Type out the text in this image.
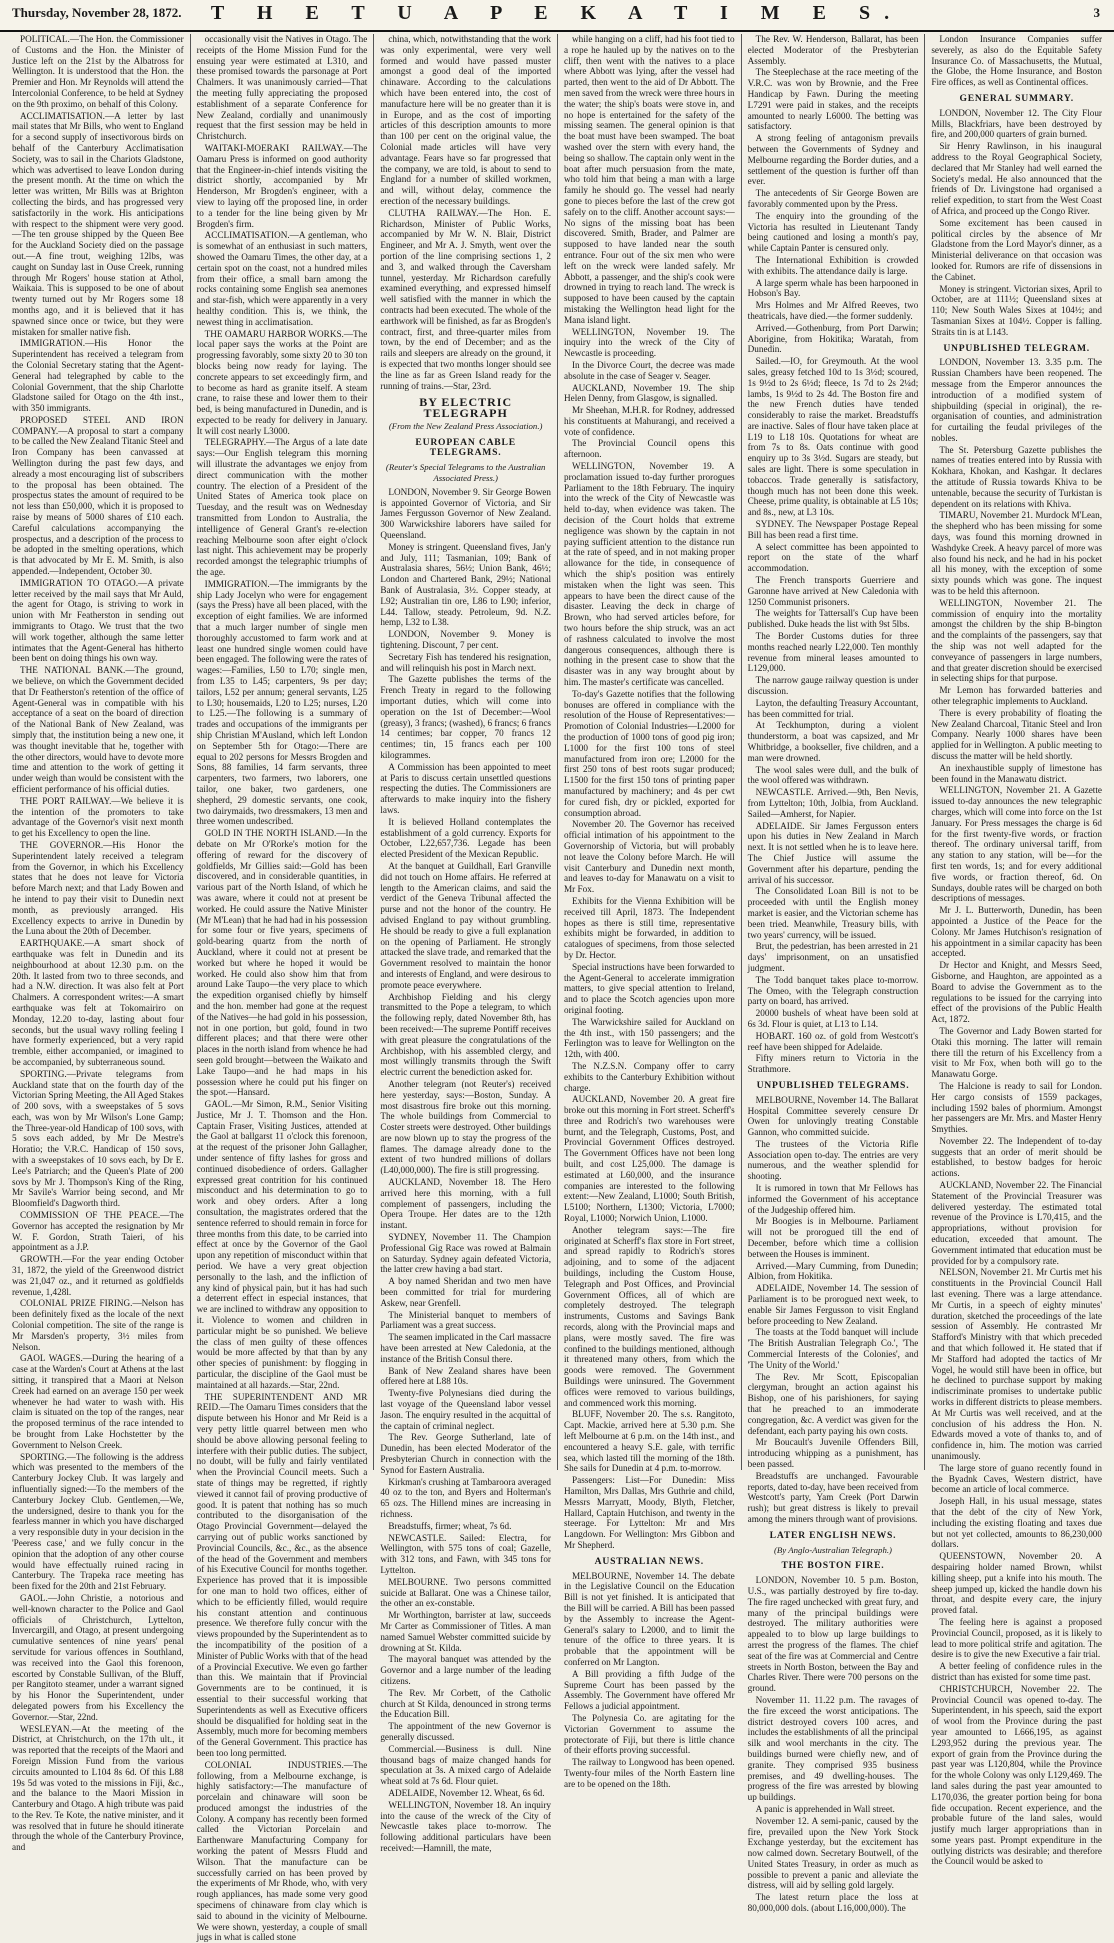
Thursday, November 28, 1872.	T H E T U A P E K A T I M E S.	3

POLITICAL.—The Hon. the Commissioner of Customs and the Hon. the Minister of Justice left on the 21st by the Albatross for Wellington. It is understood that the Hon. the Premier and Hon. Mr Reynolds will attend the Intercolonial Conference, to be held at Sydney on the 9th proximo, on behalf of this Colony.

ACCLIMATISATION.—A letter by last mail states that Mr Bills, who went to England for a second supply of insectivorous birds on behalf of the Canterbury Acclimatisation Society, was to sail in the Chariots Gladstone, which was advertised to leave London during the present month. At the time on which the letter was written, Mr Bills was at Brighton collecting the birds, and has progressed very satisfactorily in the work. His anticipations with respect to the shipment were very good.—The ten grouse shipped by the Queen Bee for the Auckland Society died on the passage out.—A fine trout, weighing 12lbs, was caught on Sunday last in Ouse Creek, running through Mr Rogers' house station at Athol, Waikaia. This is supposed to be one of about twenty turned out by Mr Rogers some 18 months ago, and it is believed that it has spawned since once or twice, but they were mistaken for smaller native fish.

IMMIGRATION.—His Honor the Superintendent has received a telegram from the Colonial Secretary stating that the Agent-General had telegraphed by cable to the Colonial Government, that the ship Charlotte Gladstone sailed for Otago on the 4th inst., with 350 immigrants.

PROPOSED STEEL AND IRON COMPANY.—A proposal to start a company to be called the New Zealand Titanic Steel and Iron Company has been canvassed at Wellington during the past few days, and already a most encouraging list of subscribers to the proposal has been obtained. The prospectus states the amount of required to be not less than £50,000, which it is proposed to raise by means of 5000 shares of £10 each. Careful calculations accompanying the prospectus, and a description of the process to be adopted in the smelting operations, which is that advocated by Mr E. M. Smith, is also appended.—Independent, October 30.

IMMIGRATION TO OTAGO.—A private letter received by the mail says that Mr Auld, the agent for Otago, is striving to work in union with Mr Featherston in sending out immigrants to Otago. We trust that the two will work together, although the same letter intimates that the Agent-General has hitherto been bent on doing things his own way.

THE NATIONAL BANK.—The ground, we believe, on which the Government decided that Dr Featherston's retention of the office of Agent-General was in compatible with his acceptance of a seat on the board of direction of the National Bank of New Zealand, was simply that, the institution being a new one, it was thought inevitable that he, together with the other directors, would have to devote more time and attention to the work of getting it under weigh than would be consistent with the efficient performance of his official duties.

THE PORT RAILWAY.—We believe it is the intention of the promoters to take advantage of the Governor's visit next month to get his Excellency to open the line.

THE GOVERNOR.—His Honor the Superintendent lately received a telegram from the Governor, in which his Excellency states that he does not leave for Victoria before March next; and that Lady Bowen and he intend to pay their visit to Dunedin next month, as previously arranged. His Excellency expects to arrive in Dunedin by the Luna about the 20th of December.

EARTHQUAKE.—A smart shock of earthquake was felt in Dunedin and its neighbourhood at about 12.30 p.m. on the 20th. It lasted from two to three seconds, and had a N.W. direction. It was also felt at Port Chalmers. A correspondent writes:—A smart earthquake was felt at Tokomairiro on Monday, 12.20 to-day, lasting about four seconds, but the usual wavy rolling feeling I have formerly experienced, but a very rapid tremble, either accompanied, or imagined to be accompanied, by subterraneous sound.

SPORTING.—Private telegrams from Auckland state that on the fourth day of the Victorian Spring Meeting, the All Aged Stakes of 200 sovs, with a sweepstakes of 5 sovs each, was won by Mr Wilson's Lone Gamp; the Three-year-old Handicap of 100 sovs, with 5 sovs each added, by Mr De Mestre's Horatio; the V.R.C. Handicap of 150 sovs, with a sweepstakes of 10 sovs each, by Dr E. Lee's Patriarch; and the Queen's Plate of 200 sovs by Mr J. Thompson's King of the Ring, Mr Savile's Warrior being second, and Mr Bloomfield's Dagworth third.

COMMISSION OF THE PEACE.—The Governor has accepted the resignation by Mr W. F. Gordon, Strath Taieri, of his appointment as a J.P.

GROWTH.—For the year ending October 31, 1872, the yield of the Greenwood district was 21,047 oz., and it returned as goldfields revenue, 1,428l.

COLONIAL PRIZE FIRING.—Nelson has been definitely fixed as the locale of the next Colonial competition. The site of the range is Mr Marsden's property, 3½ miles from Nelson.

GAOL WAGES.—During the hearing of a case at the Warden's Court at Athens at the last sitting, it transpired that a Maori at Nelson Creek had earned on an average 150 per week whenever he had water to wash with. His claim is situated on the top of the ranges, near the proposed terminus of the race intended to be brought from Lake Hochstetter by the Government to Nelson Creek.

SPORTING.—The following is the address which was presented to the members of the Canterbury Jockey Club. It was largely and influentially signed:—To the members of the Canterbury Jockey Club. Gentlemen,—We, the undersigned, desire to thank you for the fearless manner in which you have discharged a very responsible duty in your decision in the 'Peeress case,' and we fully concur in the opinion that the adoption of any other course would have effectually ruined racing in Canterbury. The Trapeka race meeting has been fixed for the 20th and 21st February.

GAOL.—John Christie, a notorious and well-known character to the Police and Gaol officials of Christchurch, Lyttelton, Invercargill, and Otago, at present undergoing cumulative sentences of nine years' penal servitude for various offences in Southland, was received into the Gaol this forenoon, escorted by Constable Sullivan, of the Bluff, per Rangitoto steamer, under a warrant signed by his Honor the Superintendent, under delegated powers from his Excellency the Governor.—Star, 22nd.

WESLEYAN.—At the meeting of the District, at Christchurch, on the 17th ult., it was reported that the receipts of the Maori and Foreign Mission Fund from the various circuits amounted to L104 8s 6d. Of this L88 19s 5d was voted to the missions in Fiji, &c., and the balance to the Maori Mission in Canterbury and Otago. A high tribute was paid to the Rev. Te Kote, the native minister, and it was resolved that in future he should itinerate through the whole of the Canterbury Province, and

occasionally visit the Natives in Otago. The receipts of the Home Mission Fund for the ensuing year were estimated at L310, and these promised towards the parsonage at Port Chalmers. It was unanimously carried—That the meeting fully appreciating the proposed establishment of a separate Conference for New Zealand, cordially and unanimously request that the first session may be held in Christchurch.

WAITAKI-MOERAKI RAILWAY.—The Oamaru Press is informed on good authority that the Engineer-in-chief intends visiting the district shortly, accompanied by Mr Henderson, Mr Brogden's engineer, with a view to laying off the proposed line, in order to a tender for the line being given by Mr Brogden's firm.

ACCLIMATISATION.—A gentleman, who is somewhat of an enthusiast in such matters, showed the Oamaru Times, the other day, at a certain spot on the coast, not a hundred miles from their office, a small barn among the rocks containing some English sea anemones and star-fish, which were apparently in a very healthy condition. This is, we think, the newest thing in acclimatisation.

THE OAMARU HARBOR WORKS.—The local paper says the works at the Point are progressing favorably, some sixty 20 to 30 ton blocks being now ready for laying. The concrete appears to set exceedingly firm, and to become as hard as granite itself. A steam crane, to raise these and lower them to their bed, is being manufactured in Dunedin, and is expected to be ready for delivery in January. It will cost nearly L3000.

TELEGRAPHY.—The Argus of a late date says:—Our English telegram this morning will illustrate the advantages we enjoy from direct communication with the mother country. The election of a President of the United States of America took place on Tuesday, and the result was on Wednesday transmitted from London to Australia, the intelligence of General Grant's re-election reaching Melbourne soon after eight o'clock last night. This achievement may be properly recorded amongst the telegraphic triumphs of the age.

IMMIGRATION.—The immigrants by the ship Lady Jocelyn who were for engagement (says the Press) have all been placed, with the exception of eight families. We are informed that a much larger number of single men thoroughly accustomed to farm work and at least one hundred single women could have been engaged. The following were the rates of wages:—Families, L50 to L70; single men, from L35 to L45; carpenters, 9s per day; tailors, L52 per annum; general servants, L25 to L30; housemaids, L20 to L25; nurses, L20 to L25.—The following is a summary of trades and occupations of the immigrants per ship Christian M'Ausland, which left London on September 5th for Otago:—There are equal to 202 persons for Messrs Brogden and Sons, 88 families, 14 farm servants, three carpenters, two farmers, two laborers, one tailor, one baker, two gardeners, one shepherd, 29 domestic servants, one cook, two dairymaids, two dressmakers, 13 men and three women undescribed.

GOLD IN THE NORTH ISLAND.—In the debate on Mr O'Rorke's motion for the offering of reward for the discovery of goldfields, Mr Gillies said:—Gold has been discovered, and in considerable quantities, in various part of the North Island, of which he was aware, where it could not at present be worked. He could assure the Native Minister (Mr M'Lean) that he had had in his possession for some four or five years, specimens of gold-bearing quartz from the north of Auckland, where it could not at present be worked but where he hoped it would be worked. He could also show him that from around Lake Taupo—the very place to which the expedition organised chiefly by himself and the hon. member had gone at the request of the Natives—he had gold in his possession, not in one portion, but gold, found in two different places; and that there were other places in the north island from whence he had seen gold brought—between the Waikato and Lake Taupo—and he had maps in his possession where he could put his finger on the spot.—Hansard.

GAOL.—Mr Simon, R.M., Senior Visiting Justice, Mr J. T. Thomson and the Hon. Captain Fraser, Visiting Justices, attended at the Gaol at ballgarst 11 o'clock this forenoon, at the request of the prisoner John Gallagher, under sentence of fifty lashes for gross and continued disobedience of orders. Gallagher expressed great contrition for his continued misconduct and his determination to go to work and obey orders. After a long consultation, the magistrates ordered that the sentence referred to should remain in force for three months from this date, to be carried into effect at once by the Governor of the Gaol upon any repetition of misconduct within that period. We have a very great objection personally to the lash, and the infliction of any kind of physical pain, but it has had such a deterrent effect in especial instances, that we are inclined to withdraw any opposition to it. Violence to women and children in particular might be so punished. We believe the class of men guilty of these offences would be more affected by that than by any other species of punishment: by flogging in particular, the discipline of the Gaol must be maintained at all hazards.—Star, 22nd.

THE SUPERINTENDENT AND MR REID.—The Oamaru Times considers that the dispute between his Honor and Mr Reid is a very petty little quarrel between men who should be above allowing personal feeling to interfere with their public duties. The subject, no doubt, will be fully and fairly ventilated when the Provincial Council meets. Such a state of things may be regretted, if rightly viewed it cannot fail of proving productive of good. It is patent that nothing has so much contributed to the disorganisation of the Otago Provincial Government—delayed the carrying out of public works sanctioned by Provincial Councils, &c., &c., as the absence of the head of the Government and members of his Executive Council for months together. Experience has proved that it is impossible for one man to hold two offices, either of which to be efficiently filled, would require his constant attention and continuous presence. We therefore fully concur with the views propounded by the Superintendent as to the incompatibility of the position of a Minister of Public Works with that of the head of a Provincial Executive. We even go farther than this. We maintain that if Provincial Governments are to be continued, it is essential to their successful working that Superintendents as well as Executive officers should be disqualified for holding seat in the Assembly, much more for becoming members of the General Government. This practice has been too long permitted.

COLONIAL INDUSTRIES.—The following, from a Melbourne exchange, is highly satisfactory:—The manufacture of porcelain and chinaware will soon be produced amongst the industries of the Colony. A company has recently been formed called the Victorian Porcelain and Earthenware Manufacturing Company for working the patent of Messrs Fludd and Wilson. That the manufacture can be successfully carried on has been proved by the experiments of Mr Rhode, who, with very rough appliances, has made some very good specimens of chinaware from clay which is said to abound in the vicinity of Melbourne. We were shown, yesterday, a couple of small jugs in what is called stone

china, which, notwithstanding that the work was only experimental, were very well formed and would have passed muster amongst a good deal of the imported chinaware. According to the calculations which have been entered into, the cost of manufacture here will be no greater than it is in Europe, and as the cost of importing articles of this description amounts to more than 100 per cent on the original value, the Colonial made articles will have very advantage. Fears have so far progressed that the company, we are told, is about to send to England for a number of skilled workmen, and will, without delay, commence the erection of the necessary buildings.

CLUTHA RAILWAY.—The Hon. E. Richardson, Minister of Public Works, accompanied by Mr W. N. Blair, District Engineer, and Mr A. J. Smyth, went over the portion of the line comprising sections 1, 2 and 3, and walked through the Caversham tunnel, yesterday. Mr Richardson carefully examined everything, and expressed himself well satisfied with the manner in which the contracts had been executed. The whole of the earthwork will be finished, as far as Brogden's contract, first, and three-quarter miles from town, by the end of December; and as the rails and sleepers are already on the ground, it is expected that two months longer should see the line as far as Green Island ready for the running of trains.—Star, 23rd.

BY ELECTRIC TELEGRAPH
(From the New Zealand Press Association.)
EUROPEAN CABLE TELEGRAMS.
(Reuter's Special Telegrams to the Australian Associated Press.)

LONDON, November 9. Sir George Bowen is appointed Governor of Victoria, and Sir James Fergusson Governor of New Zealand. 300 Warwickshire laborers have sailed for Queensland.

Money is stringent. Queensland fives, Jan'y and July, 111; Tasmanian, 109; Bank of Australasia shares, 56½; Union Bank, 46½; London and Chartered Bank, 29½; National Bank of Australasia, 3½. Copper steady, at L92; Australian tin ore, L86 to L90; inferior, L44. Tallow, steady. Petroleum, 9d. N.Z. hemp, L32 to L38.

LONDON, November 9. Money is tightening. Discount, 7 per cent.

Secretary Fish has tendered his resignation, and will relinquish his post in March next.

The Gazette publishes the terms of the French Treaty in regard to the following important duties, which will come into operation on the 1st of December:—Wool (greasy), 3 francs; (washed), 6 francs; 6 francs 14 centimes; bar copper, 70 francs 12 centimes; tin, 15 francs each per 100 kilogrammes.

A Commission has been appointed to meet at Paris to discuss certain unsettled questions respecting the duties. The Commissioners are afterwards to make inquiry into the fishery laws.

It is believed Holland contemplates the establishment of a gold currency. Exports for October, L22,657,736. Legade has been elected President of the Mexican Republic.

At the banquet at Guildhall, Earl Granville did not touch on Home affairs. He referred at length to the American claims, and said the verdict of the Geneva Tribunal affected the purse and not the honor of the country. He advised England to pay without grumbling. He should be ready to give a full explanation on the opening of Parliament. He strongly attacked the slave trade, and remarked that the Government resolved to maintain the honor and interests of England, and were desirous to promote peace everywhere.

Archbishop Fielding and his clergy transmitted to the Pope a telegram, to which the following reply, dated November 8th, has been received:—The supreme Pontiff receives with great pleasure the congratulations of the Archbishop, with his assembled clergy, and most willingly transmits through the Swift electric current the benediction asked for.

Another telegram (not Reuter's) received here yesterday, says:—Boston, Sunday. A most disastrous fire broke out this morning. The whole buildings from Commercial to Coster streets were destroyed. Other buildings are now blown up to stay the progress of the flames. The damage already done to the extent of two hundred millions of dollars (L40,000,000). The fire is still progressing.

AUCKLAND, November 18. The Hero arrived here this morning, with a full complement of passengers, including the Opera Troupe. Her dates are to the 12th instant.

SYDNEY, November 11. The Champion Professional Gig Race was rowed at Balmain on Saturday. Sydney again defeated Victoria, the latter crew having a bad start.

A boy named Sheridan and two men have been committed for trial for murdering Askew, near Grenfell.

The Ministerial banquet to members of Parliament was a great success.

The seamen implicated in the Carl massacre have been arrested at New Caledonia, at the instance of the British Consul there.

Bank of New Zealand shares have been offered here at L88 10s.

Twenty-five Polynesians died during the last voyage of the Queensland labor vessel Jason. The enquiry resulted in the acquittal of the captain of criminal neglect.

The Rev. George Sutherland, late of Dunedin, has been elected Moderator of the Presbyterian Church in connection with the Synod for Eastern Australia.

Kirkman's crushing at Tambaroora averaged 40 oz to the ton, and Byers and Holterman's 65 ozs. The Hillend mines are increasing in richness.

Breadstuffs, firmer; wheat, 7s 6d.

NEWCASTLE. Sailed: Electra, for Wellington, with 575 tons of coal; Gazelle, with 312 tons, and Fawn, with 345 tons for Lyttelton.

MELBOURNE. Two persons committed suicide at Ballarat. One was a Chinese tailor, the other an ex-constable.

Mr Worthington, barrister at law, succeeds Mr Carter as Commissioner of Titles. A man named Samuel Webster committed suicide by drowning at St. Kilda.

The mayoral banquet was attended by the Governor and a large number of the leading citizens.

The Rev. Mr Corbett, of the Catholic church at St Kilda, denounced in strong terms the Education Bill.

The appointment of the new Governor is generally discussed.

Commercial.—Business is dull. Nine thousand bags of maize changed hands for speculation at 3s. A mixed cargo of Adelaide wheat sold at 7s 6d. Flour quiet.

ADELAIDE, November 12. Wheat, 6s 6d.

WELLINGTON, November 18. An inquiry into the cause of the wreck of the City of Newcastle takes place to-morrow. The following additional particulars have been received:—Hamnill, the mate,

while hanging on a cliff, had his foot tied to a rope he hauled up by the natives on to the cliff, then went with the natives to a place where Abbott was lying, after the vessel had parted, then went to the aid of Dr Abbott. The men saved from the wreck were three hours in the water; the ship's boats were stove in, and no hope is entertained for the safety of the missing seamen. The general opinion is that the boat must have been swamped. The boat washed over the stern with every hand, the being so shallow. The captain only went in the boat after much persuasion from the mate, who told him that being a man with a large family he should go. The vessel had nearly gone to pieces before the last of the crew got safely on to the cliff. Another account says:—No signs of the missing boat has been discovered. Smith, Brader, and Palmer are supposed to have landed near the south entrance. Four out of the six men who were left on the wreck were landed safely. Mr Abbott, a passenger, and the ship's cook were drowned in trying to reach land. The wreck is supposed to have been caused by the captain mistaking the Wellington head light for the Mana island light.

WELLINGTON, November 19. The inquiry into the wreck of the City of Newcastle is proceeding.

In the Divorce Court, the decree was made absolute in the case of Seager v. Seager.

AUCKLAND, November 19. The ship Helen Denny, from Glasgow, is signalled.

Mr Sheehan, M.H.R. for Rodney, addressed his constituents at Mahurangi, and received a vote of confidence.

The Provincial Council opens this afternoon.

WELLINGTON, November 19. A proclamation issued to-day further prorogues Parliament to the 18th February. The inquiry into the wreck of the City of Newcastle was held to-day, when evidence was taken. The decision of the Court holds that extreme negligence was shown by the captain in not paying sufficient attention to the distance run at the rate of speed, and in not making proper allowance for the tide, in consequence of which the ship's position was entirely mistaken when the light was seen. This appears to have been the direct cause of the disaster. Leaving the deck in charge of Brown, who had served articles before, for two hours before the ship struck, was an act of rashness calculated to involve the most dangerous consequences, although there is nothing in the present case to show that the disaster was in any way brought about by him. The master's certificate was cancelled.

To-day's Gazette notifies that the following bonuses are offered in compliance with the resolution of the House of Representatives:—Promotion of Colonial Industries—L2000 for the production of 1000 tons of good pig iron; L1000 for the first 100 tons of steel manufactured from iron ore; L2000 for the first 250 tons of best roots sugar produced; L1500 for the first 150 tons of printing paper manufactured by machinery; and 4s per cwt for cured fish, dry or pickled, exported for consumption abroad.

November 20. The Governor has received official intimation of his appointment to the Governorship of Victoria, but will probably not leave the Colony before March. He will visit Canterbury and Dunedin next month, and leaves to-day for Manawatu on a visit to Mr Fox.

Exhibits for the Vienna Exhibition will be received till April, 1873. The Independent hopes as there is still time, representative exhibits might be forwarded, in addition to catalogues of specimens, from those selected by Dr. Hector.

Special instructions have been forwarded to the Agent-General to accelerate immigration matters, to give special attention to Ireland, and to place the Scotch agencies upon more original footing.

The Warwickshire sailed for Auckland on the 4th inst., with 150 passengers; and the Ferlington was to leave for Wellington on the 12th, with 400.

The N.Z.S.N. Company offer to carry exhibits to the Canterbury Exhibition without charge.

AUCKLAND, November 20. A great fire broke out this morning in Fort street. Scherff's three and Rodrich's two warehouses were burnt, and the Telegraph, Customs, Post, and Provincial Government Offices destroyed. The Government Offices have not been long built, and cost L25,000. The damage is estimated at L60,000, and the insurance companies are interested to the following extent:—New Zealand, L1000; South British, L5100; Northern, L1300; Victoria, L7000; Royal, L1000; Norwich Union, L1000.

Another telegram says:—The fire originated at Scherff's flax store in Fort street, and spread rapidly to Rodrich's stores adjoining, and to some of the adjacent buildings, including the Custom House, Telegraph and Post Offices, and Provincial Government Offices, all of which are completely destroyed. The telegraph instruments, Customs and Savings Bank records, along with the Provincial maps and plans, were mostly saved. The fire was confined to the buildings mentioned, although it threatened many others, from which the goods were removed. The Government Buildings were uninsured. The Government offices were removed to various buildings, and commenced work this morning.

BLUFF, November 20. The s.s. Rangitoto, Capt. Mackie, arrived here at 5.30 p.m. She left Melbourne at 6 p.m. on the 14th inst., and encountered a heavy S.E. gale, with terrific sea, which lasted till the morning of the 18th. She sails for Dunedin at 4 p.m. to-morrow.

Passengers: List—For Dunedin: Miss Hamilton, Mrs Dallas, Mrs Guthrie and child, Messrs Marryatt, Moody, Blyth, Fletcher, Hallard, Captain Hutchison, and twenty in the steerage. For Lyttelton: Mr and Mrs Langdown. For Wellington: Mrs Gibbon and Mr Shepherd.

AUSTRALIAN NEWS.

MELBOURNE, November 14. The debate in the Legislative Council on the Education Bill is not yet finished. It is anticipated that the Bill will be carried. A Bill has been passed by the Assembly to increase the Agent-General's salary to L2000, and to limit the tenure of the office to three years. It is probable that the appointment will be conferred on Mr Langton.

A Bill providing a fifth Judge of the Supreme Court has been passed by the Assembly. The Government have offered Mr Fellows a judicial appointment.

The Polynesia Co. are agitating for the Victorian Government to assume the protectorate of Fiji, but there is little chance of their efforts proving successful.

The railway to Longwood has been opened. Twenty-four miles of the North Eastern line are to be opened on the 18th.

The Rev. W. Henderson, Ballarat, has been elected Moderator of the Presbyterian Assembly.

The Steeplechase at the race meeting of the V.R.C. was won by Brownie, and the Free Handicap by Fawn. During the meeting L7291 were paid in stakes, and the receipts amounted to nearly L6000. The betting was satisfactory.

A strong feeling of antagonism prevails between the Governments of Sydney and Melbourne regarding the Border duties, and a settlement of the question is further off than ever.

The antecedents of Sir George Bowen are favorably commented upon by the Press.

The enquiry into the grounding of the Victoria has resulted in Lieutenant Tandy being cautioned and losing a month's pay, while Captain Panter is censured only.

The International Exhibition is crowded with exhibits. The attendance daily is large.

A large sperm whale has been harpooned in Hobson's Bay.

Mrs Holmes and Mr Alfred Reeves, two theatricals, have died.—the former suddenly.

Arrived.—Gothenburg, from Port Darwin; Aborigine, from Hokitika; Waratah, from Dunedin.

Sailed.—IO, for Greymouth. At the wool sales, greasy fetched 10d to 1s 3½d; scoured, 1s 9½d to 2s 6½d; fleece, 1s 7d to 2s 2¼d; lambs, 1s 9½d to 2s 4d. The Boston fire and the new French duties have tended considerably to raise the market. Breadstuffs are inactive. Sales of flour have taken place at L19 to L18 10s. Quotations for wheat are from 7s to 8s. Oats continue with good enquiry up to 3s 3½d. Sugars are steady, but sales are light. There is some speculation in tobaccos. Trade generally is satisfactory, though much has not been done this week. Cheese, prime quality, is obtainable at L5 10s; and 8s., new, at L3 10s.

SYDNEY. The Newspaper Postage Repeal Bill has been read a first time.

A select committee has been appointed to report on the state of the wharf accommodation.

The French transports Guerriere and Garonne have arrived at New Caledonia with 1250 Communist prisoners.

The weights for Tattersall's Cup have been published. Duke heads the list with 9st 5lbs.

The Border Customs duties for three months reached nearly L22,000. Ten monthly revenue from mineral leases amounted to L129,000.

The narrow gauge railway question is under discussion.

Layton, the defaulting Treasury Accountant, has been committed for trial.

At Teckhumpton, during a violent thunderstorm, a boat was capsized, and Mr Whitbridge, a bookseller, five children, and a man were drowned.

The wool sales were dull, and the bulk of the wool offered was withdrawn.

NEWCASTLE. Arrived.—9th, Ben Nevis, from Lyttelton; 10th, Jolbia, from Auckland. Sailed—Amherst, for Napier.

ADELAIDE. Sir James Fergusson enters upon his duties in New Zealand in March next. It is not settled when he is to leave here. The Chief Justice will assume the Government after his departure, pending the arrival of his successor.

The Consolidated Loan Bill is not to be proceeded with until the English money market is easier, and the Victorian scheme has been tried. Meanwhile, Treasury bills, with two years' currency, will be issued.

Brut, the pedestrian, has been arrested in 21 days' imprisonment, on an unsatisfied judgment.

The Todd banquet takes place to-morrow. The Omeo, with the Telegraph construction party on board, has arrived.

20000 bushels of wheat have been sold at 6s 3d. Flour is quiet, at L13 to L14.

HOBART. 160 oz. of gold from Westcott's reef have been shipped for Adelaide.

Fifty miners return to Victoria in the Strathmore.

UNPUBLISHED TELEGRAMS.

MELBOURNE, November 14. The Ballarat Hospital Committee severely censure Dr Owen for unlovingly treating Constable Gannon, who committed suicide.

The trustees of the Victoria Rifle Association open to-day. The entries are very numerous, and the weather splendid for shooting.

It is rumored in town that Mr Fellows has informed the Government of his acceptance of the Judgeship offered him.

Mr Boogies is in Melbourne. Parliament will not be prorogued till the end of December, before which time a collision between the Houses is imminent.

Arrived.—Mary Cumming, from Dunedin; Albion, from Hokitika.

ADELAIDE, November 14. The session of Parliament is to be prorogued next week, to enable Sir James Fergusson to visit England before proceeding to New Zealand.

The toasts at the Todd banquet will include 'The British Australian Telegraph Co.', 'The Commercial Interests of the Colonies', and 'The Unity of the World.'

The Rev. Mr Scott, Episcopalian clergyman, brought an action against his Bishop, one of his parishioners, for saying that he preached to an immoderate congregation, &c. A verdict was given for the defendant, each party paying his own costs.

Mr Boucault's Juvenile Offenders Bill, introducing whipping as a punishment, has been passed.

Breadstuffs are unchanged. Favourable reports, dated to-day, have been received from Westcott's party, Yam Creek (Port Darwin rush); but great distress is likely to prevail among the miners through want of provisions.

LATER ENGLISH NEWS.
(By Anglo-Australian Telegraph.)
THE BOSTON FIRE.

LONDON, November 10. 5 p.m. Boston, U.S., was partially destroyed by fire to-day. The fire raged unchecked with great fury, and many of the principal buildings were destroyed. The military authorities were appealed to to blow up large buildings to arrest the progress of the flames. The chief seat of the fire was at Commercial and Centre streets in North Boston, between the Bay and Charles River. There were 700 persons on the ground.

November 11. 11.22 p.m. The ravages of the fire exceed the worst anticipations. The district destroyed covers 100 acres, and includes the establishments of all the principal silk and wool merchants in the city. The buildings burned were chiefly new, and of granite. They comprised 935 business premises, and 49 dwelling-houses. The progress of the fire was arrested by blowing up buildings.

A panic is apprehended in Wall street.

November 12. A semi-panic, caused by the fire, prevailed upon the New York Stock Exchange yesterday, but the excitement has now calmed down. Secretary Boutwell, of the United States Treasury, in order as much as possible to prevent a panic and alleviate the distress, will aid by selling gold largely.

The latest return place the loss at 80,000,000 dols. (about L16,000,000). The

London Insurance Companies suffer severely, as also do the Equitable Safety Insurance Co. of Massachusetts, the Mutual, the Globe, the Home Insurance, and Boston Fire offices, as well as Continental offices.

GENERAL SUMMARY.

LONDON, November 12. The City Flour Mills, Blackfriars, have been destroyed by fire, and 200,000 quarters of grain burned.

Sir Henry Rawlinson, in his inaugural address to the Royal Geographical Society, declared that Mr Stanley had well earned the Society's medal. He also announced that the friends of Dr. Livingstone had organised a relief expedition, to start from the West Coast of Africa, and proceed up the Congo River.

Some excitement has been caused in political circles by the absence of Mr Gladstone from the Lord Mayor's dinner, as a Ministerial deliverance on that occasion was looked for. Rumors are rife of dissensions in the Cabinet.

Money is stringent. Victorian sixes, April to October, are at 111½; Queensland sixes at 110; New South Wales Sixes at 104½; and Tasmanian Sixes at 104½. Copper is falling. Straits tin is at L143.

UNPUBLISHED TELEGRAM.

LONDON, November 13. 3.35 p.m. The Russian Chambers have been reopened. The message from the Emperor announces the introduction of a modified system of shipbuilding (special in original), the re-organisation of counties, and administration for curtailing the feudal privileges of the nobles.

The St. Petersburg Gazette publishes the names of treaties entered into by Russia with Kokhara, Khokan, and Kashgar. It declares the attitude of Russia towards Khiva to be untenable, because the security of Turkistan is dependent on its relations with Khiva.

TIMARU, November 21. Murdock M'Lean, the shepherd who has been missing for some days, was found this morning drowned in Washdyke Creek. A heavy parcel of more was also found his neck, and he had in his pocket all his money, with the exception of some sixty pounds which was gone. The inquest was to be held this afternoon.

WELLINGTON, November 21. The commission of enquiry into the mortality amongst the children by the ship B-bington and the complaints of the passengers, say that the ship was not well adapted for the conveyance of passengers in large numbers, and that greater discretion should be exercised in selecting ships for that purpose.

Mr Lemon has forwarded batteries and other telegraphic implements to Auckland.

There is every probability of floating the New Zealand Charcoal, Titanic Steel and Iron Company. Nearly 1000 shares have been applied for in Wellington. A public meeting to discuss the matter will be held shortly.

An inexhaustible supply of limestone has been found in the Manawatu district.

WELLINGTON, November 21. A Gazette issued to-day announces the new telegraphic charges, which will come into force on the 1st January. For Press messages the charge is 6d for the first twenty-five words, or fraction thereof. The ordinary universal tariff, from any station to any station, will be—for the first ten words, 1s; and for every additional five words, or fraction thereof, 6d. On Sundays, double rates will be charged on both descriptions of messages.

Mr J. L. Butterworth, Dunedin, has been appointed a Justice of the Peace for the Colony. Mr James Hutchison's resignation of his appointment in a similar capacity has been accepted.

Dr Hector and Knight, and Messrs Seed, Gisborne, and Haughton, are appointed as a Board to advise the Government as to the regulations to be issued for the carrying into effect of the provisions of the Public Health Act, 1872.

The Governor and Lady Bowen started for Otaki this morning. The latter will remain there till the return of his Excellency from a visit to Mr Fox, when both will go to the Manawatu Gorge.

The Halcione is ready to sail for London. Her cargo consists of 1559 packages, including 1592 bales of phormium. Amongst her passengers are Mr. Mrs. and Master Henry Smythies.

November 22. The Independent of to-day suggests that an order of merit should be established, to bestow badges for heroic actions.

AUCKLAND, November 22. The Financial Statement of the Provincial Treasurer was delivered yesterday. The estimated total revenue of the Province is L70,415, and the appropriations, without provision for education, exceeded that amount. The Government intimated that education must be provided for by a compulsory rate.

NELSON, November 21. Mr Curtis met his constituents in the Provincial Council Hall last evening. There was a large attendance. Mr Curtis, in a speech of eighty minutes' duration, sketched the proceedings of the late session of Assembly. He contrasted Mr Stafford's Ministry with that which preceded and that which followed it. He stated that if Mr Stafford had adopted the tactics of Mr Vogel, he would still have been in office, but he declined to purchase support by making indiscriminate promises to undertake public works in different districts to please members. At Mr Curtis was well received, and at the conclusion of his address the Hon. N. Edwards moved a vote of thanks to, and of confidence in, him. The motion was carried unanimously.

The large store of guano recently found in the Byadnk Caves, Western district, have become an article of local commerce.

Joseph Hall, in his usual message, states that the debt of the city of New York, including the existing floating and taxes due but not yet collected, amounts to 86,230,000 dollars.

QUEENSTOWN, November 20. A despairing holder named Brown, whilst killing sheep, put a knife into his mouth. The sheep jumped up, kicked the handle down his throat, and despite every care, the injury proved fatal.

The feeling here is against a proposed Provincial Council, proposed, as it is likely to lead to more political strife and agitation. The desire is to give the new Executive a fair trial.

A better feeling of confidence rules in the district than has existed for some time past.

CHRISTCHURCH, November 22. The Provincial Council was opened to-day. The Superintendent, in his speech, said the export of wool from the Province during the past year amounted to L666,195, as against L293,952 during the previous year. The export of grain from the Province during the past year was L120,804, while the Province for the whole Colony was only L129,469. The land sales during the past year amounted to L170,036, the greater portion being for bona fide occupation. Recent experience, and the probable future of the land sales, would justify much larger appropriations than in some years past. Prompt expenditure in the outlying districts was desirable; and therefore the Council would be asked to
